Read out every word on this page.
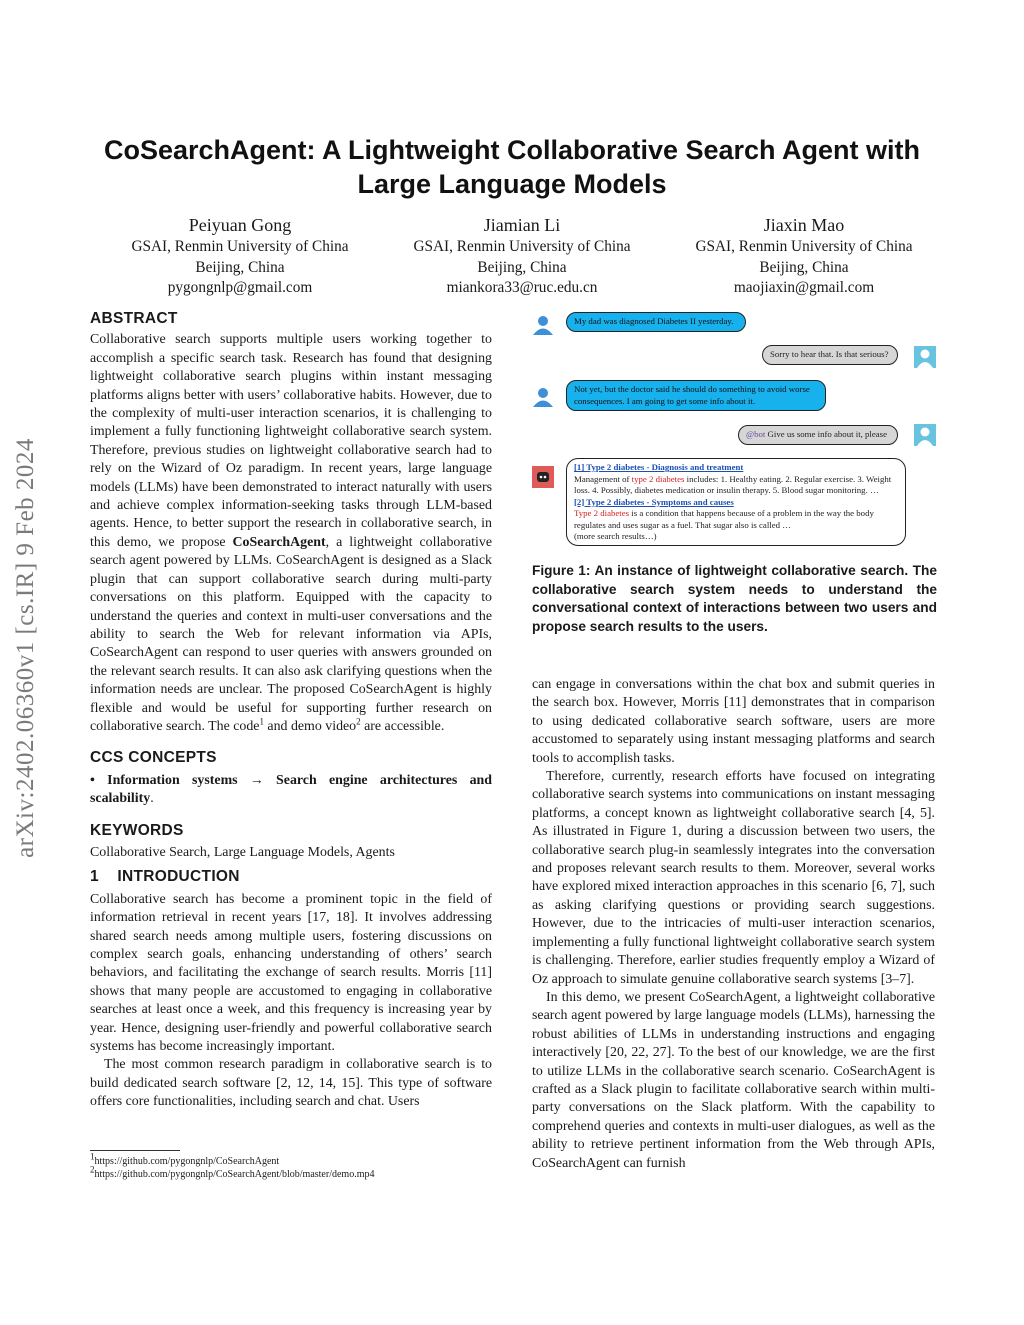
arXiv:2402.06360v1 [cs.IR] 9 Feb 2024
CoSearchAgent: A Lightweight Collaborative Search Agent with
Large Language Models
Peiyuan Gong
GSAI, Renmin University of China
Beijing, China
pygongnlp@gmail.com
Jiamian Li
GSAI, Renmin University of China
Beijing, China
miankora33@ruc.edu.cn
Jiaxin Mao
GSAI, Renmin University of China
Beijing, China
maojiaxin@gmail.com
ABSTRACT

Collaborative search supports multiple users working together to accomplish a specific search task. Research has found that designing lightweight collaborative search plugins within instant messaging platforms aligns better with users’ collaborative habits. However, due to the complexity of multi-user interaction scenarios, it is challenging to implement a fully functioning lightweight collaborative search system. Therefore, previous studies on lightweight collaborative search had to rely on the Wizard of Oz paradigm. In recent years, large language models (LLMs) have been demonstrated to interact naturally with users and achieve complex information-seeking tasks through LLM-based agents. Hence, to better support the research in collaborative search, in this demo, we propose CoSearchAgent, a lightweight collaborative search agent powered by LLMs. CoSearchAgent is designed as a Slack plugin that can support collaborative search during multi-party conversations on this platform. Equipped with the capacity to understand the queries and context in multi-user conversations and the ability to search the Web for relevant information via APIs, CoSearchAgent can respond to user queries with answers grounded on the relevant search results. It can also ask clarifying questions when the information needs are unclear. The proposed CoSearchAgent is highly flexible and would be useful for supporting further research on collaborative search. The code$^1$ and demo video$^2$ are accessible.

CCS CONCEPTS

• Information systems → Search engine architectures and scalability.

KEYWORDS

Collaborative Search, Large Language Models, Agents

1    INTRODUCTION

Collaborative search has become a prominent topic in the field of information retrieval in recent years [17, 18]. It involves addressing shared search needs among multiple users, fostering discussions on complex search goals, enhancing understanding of others’ search behaviors, and facilitating the exchange of search results. Morris [11] shows that many people are accustomed to engaging in collaborative searches at least once a week, and this frequency is increasing year by year. Hence, designing user-friendly and powerful collaborative search systems has become increasingly important.

The most common research paradigm in collaborative search is to build dedicated search software [2, 12, 14, 15]. This type of software offers core functionalities, including search and chat. Users

$^1$https://github.com/pygongnlp/CoSearchAgent
$^2$https://github.com/pygongnlp/CoSearchAgent/blob/master/demo.mp4
My dad was diagnosed Diabetes II yesterday.
Sorry to hear that. Is that serious?
Not yet, but the doctor said he should do something to avoid worse consequences. I am going to get some info about it.
@bot Give us some info about it, please
[1] Type 2 diabetes - Diagnosis and treatment
Management of type 2 diabetes includes: 1. Healthy eating. 2. Regular exercise. 3. Weight loss. 4. Possibly, diabetes medication or insulin therapy. 5. Blood sugar monitoring. …
[2] Type 2 diabetes - Symptoms and causes
Type 2 diabetes is a condition that happens because of a problem in the way the body regulates and uses sugar as a fuel. That sugar also is called …
(more search results…)
Figure 1: An instance of lightweight collaborative search. The collaborative search system needs to understand the conversational context of interactions between two users and propose search results to the users.

can engage in conversations within the chat box and submit queries in the search box. However, Morris [11] demonstrates that in comparison to using dedicated collaborative search software, users are more accustomed to separately using instant messaging platforms and search tools to accomplish tasks.

Therefore, currently, research efforts have focused on integrating collaborative search systems into communications on instant messaging platforms, a concept known as lightweight collaborative search [4, 5]. As illustrated in Figure 1, during a discussion between two users, the collaborative search plug-in seamlessly integrates into the conversation and proposes relevant search results to them. Moreover, several works have explored mixed interaction approaches in this scenario [6, 7], such as asking clarifying questions or providing search suggestions. However, due to the intricacies of multi-user interaction scenarios, implementing a fully functional lightweight collaborative search system is challenging. Therefore, earlier studies frequently employ a Wizard of Oz approach to simulate genuine collaborative search systems [3–7].

In this demo, we present CoSearchAgent, a lightweight collaborative search agent powered by large language models (LLMs), harnessing the robust abilities of LLMs in understanding instructions and engaging interactively [20, 22, 27]. To the best of our knowledge, we are the first to utilize LLMs in the collaborative search scenario. CoSearchAgent is crafted as a Slack plugin to facilitate collaborative search within multi-party conversations on the Slack platform. With the capability to comprehend queries and contexts in multi-user dialogues, as well as the ability to retrieve pertinent information from the Web through APIs, CoSearchAgent can furnish
